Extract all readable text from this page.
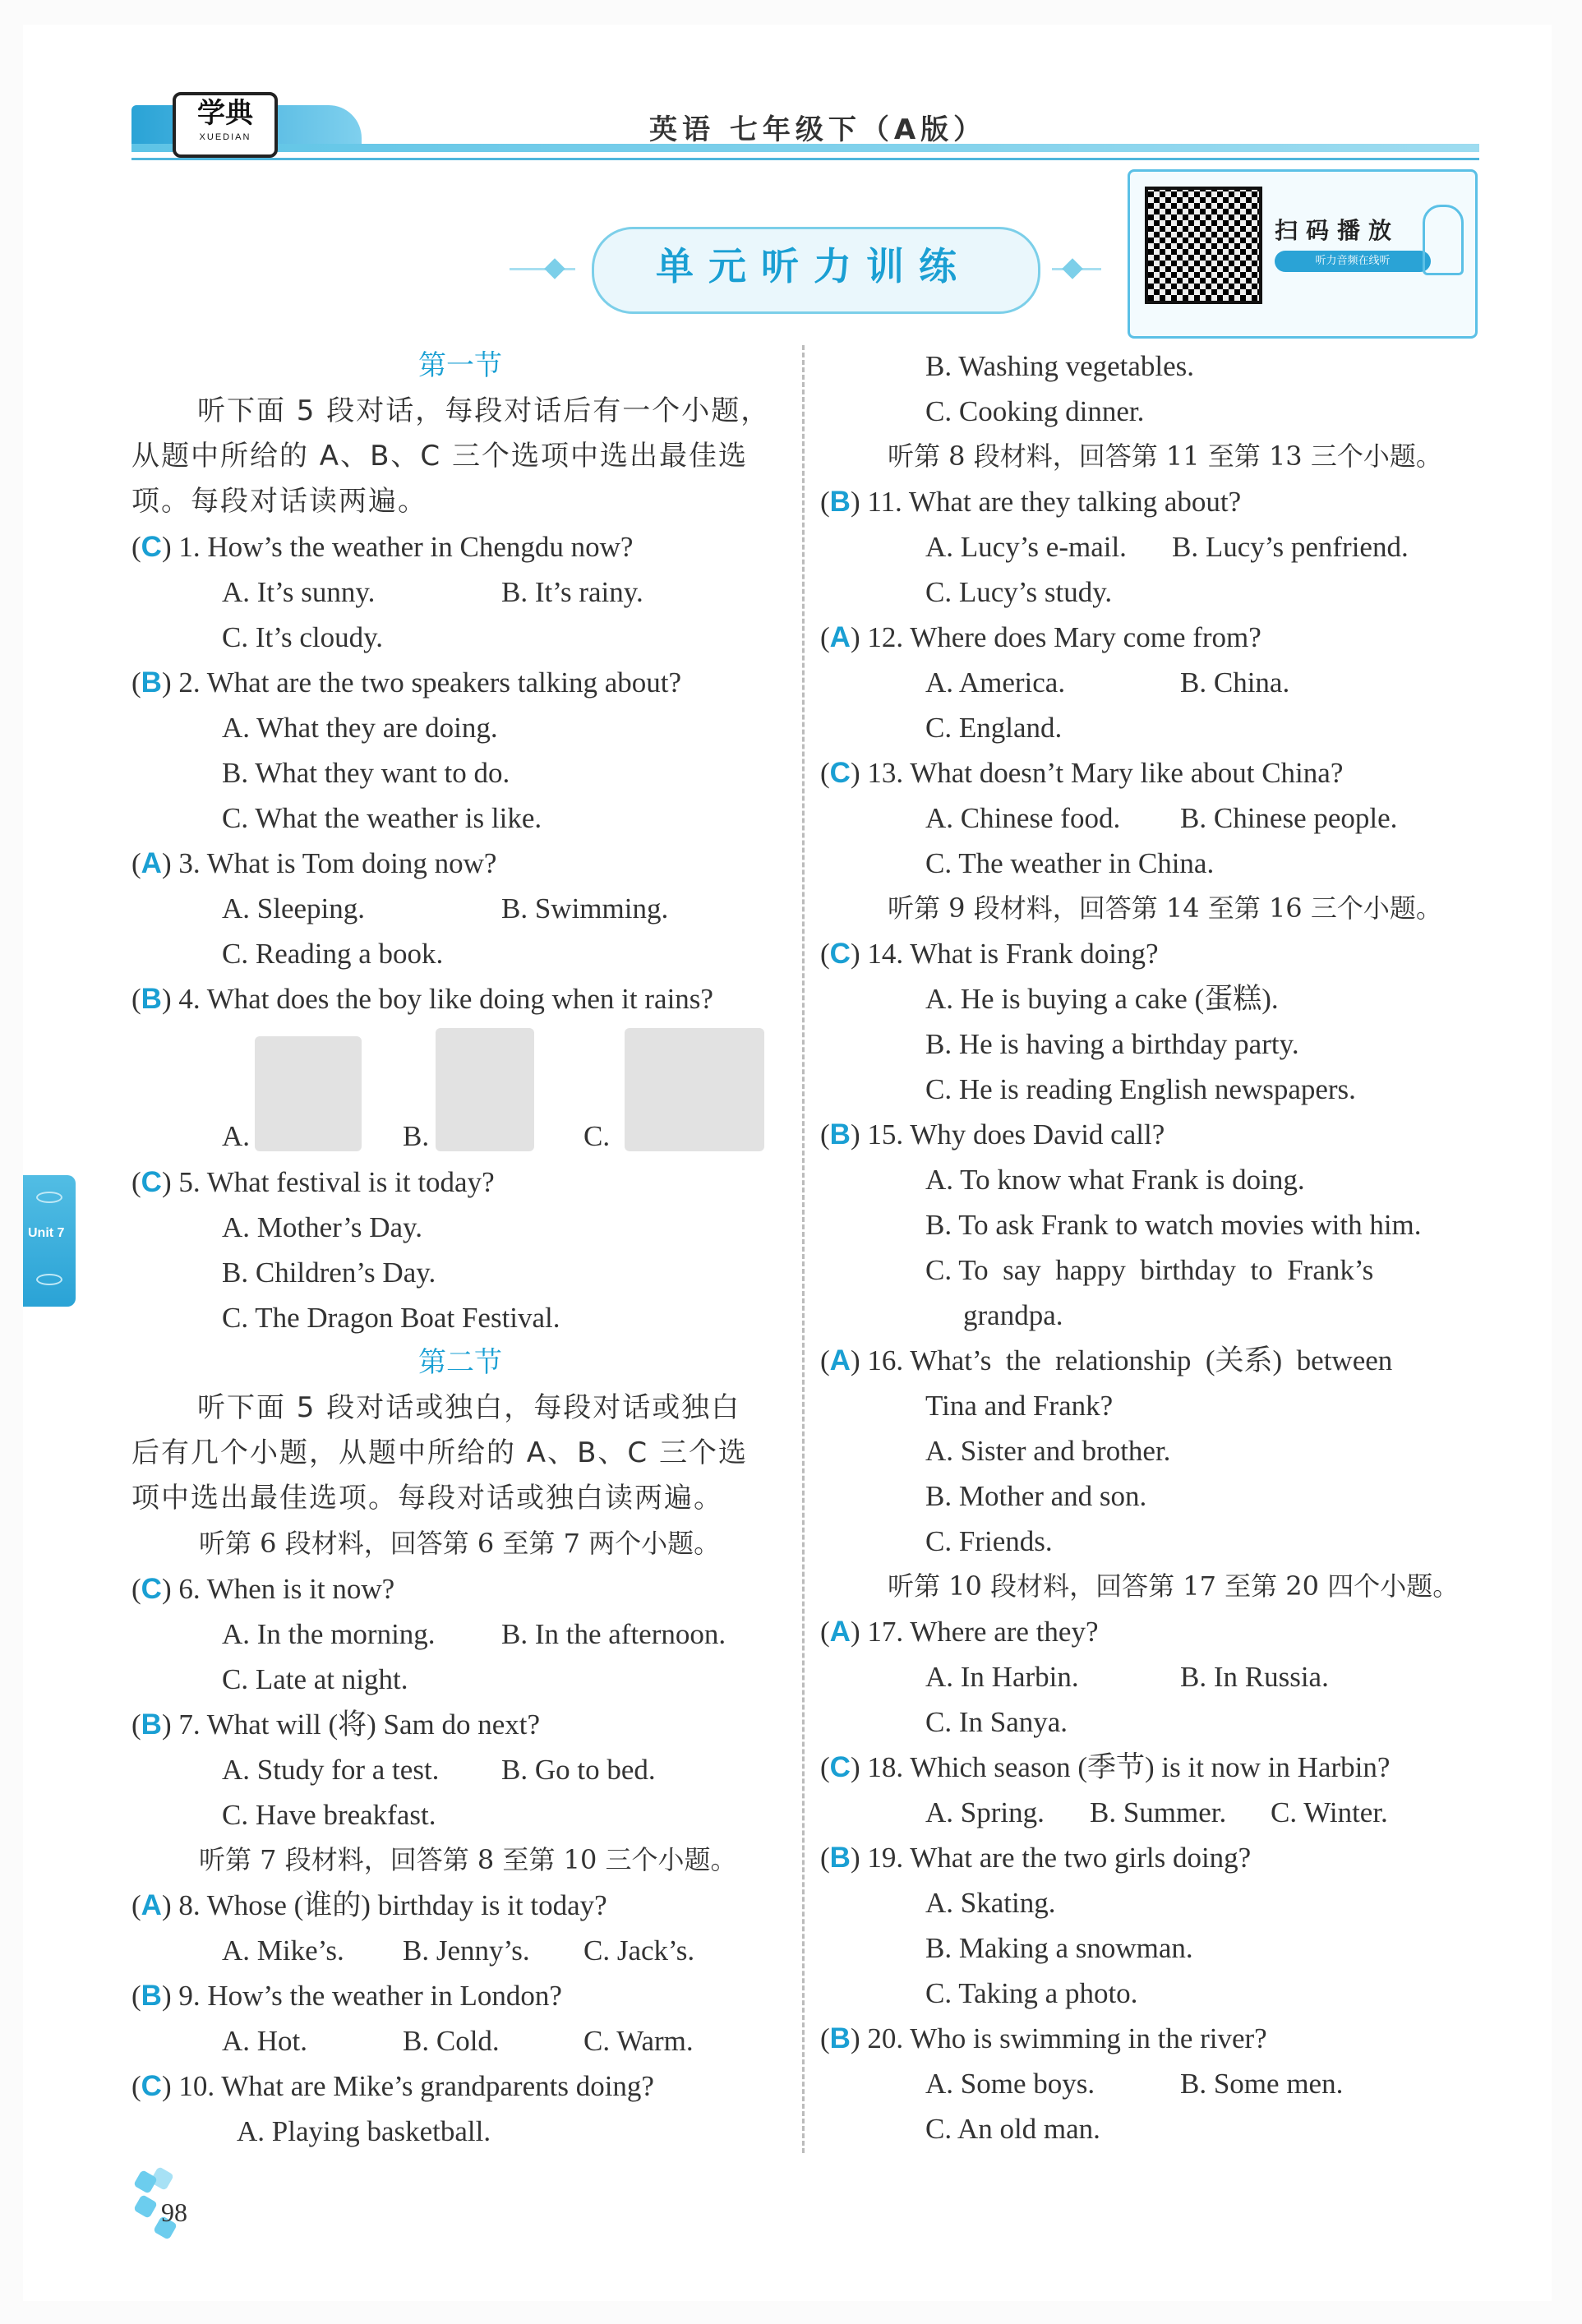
学典
XUEDIAN	英语 七年级下（A版）
单元听力训练
扫码播放
听力音频在线听
第一节
听下面 5 段对话，每段对话后有一个小题，
从题中所给的 A、B、C 三个选项中选出最佳选
项。每段对话读两遍。
(C) 1. How’s the weather in Chengdu now?
A. It’s sunny.	B. It’s rainy.
C. It’s cloudy.
(B) 2. What are the two speakers talking about?
A. What they are doing.
B. What they want to do.
C. What the weather is like.
(A) 3. What is Tom doing now?
A. Sleeping.	B. Swimming.
C. Reading a book.
(B) 4. What does the boy like doing when it rains?
A.	B.	C.
(C) 5. What festival is it today?
A. Mother’s Day.
B. Children’s Day.
C. The Dragon Boat Festival.
第二节
听下面 5 段对话或独白，每段对话或独白
后有几个小题，从题中所给的 A、B、C 三个选
项中选出最佳选项。每段对话或独白读两遍。
听第 6 段材料，回答第 6 至第 7 两个小题。
(C) 6. When is it now?
A. In the morning. B. In the afternoon.
C. Late at night.
(B) 7. What will (将) Sam do next?
A. Study for a test. B. Go to bed.
C. Have breakfast.
听第 7 段材料，回答第 8 至第 10 三个小题。
(A) 8. Whose (谁的) birthday is it today?
A. Mike’s. B. Jenny’s. C. Jack’s.
(B) 9. How’s the weather in London?
A. Hot.	B. Cold.	C. Warm.
(C) 10. What are Mike’s grandparents doing?
A. Playing basketball.
B. Washing vegetables.
C. Cooking dinner.
听第 8 段材料，回答第 11 至第 13 三个小题。
(B) 11. What are they talking about?
A. Lucy’s e-mail. B. Lucy’s penfriend.
C. Lucy’s study.
(A) 12. Where does Mary come from?
A. America.	B. China.
C. England.
(C) 13. What doesn’t Mary like about China?
A. Chinese food. B. Chinese people.
C. The weather in China.
听第 9 段材料，回答第 14 至第 16 三个小题。
(C) 14. What is Frank doing?
A. He is buying a cake (蛋糕).
B. He is having a birthday party.
C. He is reading English newspapers.
(B) 15. Why does David call?
A. To know what Frank is doing.
B. To ask Frank to watch movies with him.
C. To  say  happy  birthday  to  Frank’s
grandpa.
(A) 16. What’s  the  relationship  (关系)  between
Tina and Frank?
A. Sister and brother.
B. Mother and son.
C. Friends.
听第 10 段材料，回答第 17 至第 20 四个小题。
(A) 17. Where are they?
A. In Harbin.	B. In Russia.
C. In Sanya.
(C) 18. Which season (季节) is it now in Harbin?
A. Spring. B. Summer. C. Winter.
(B) 19. What are the two girls doing?
A. Skating.
B. Making a snowman.
C. Taking a photo.
(B) 20. Who is swimming in the river?
A. Some boys.	B. Some men.
C. An old man.
Unit 7
98
